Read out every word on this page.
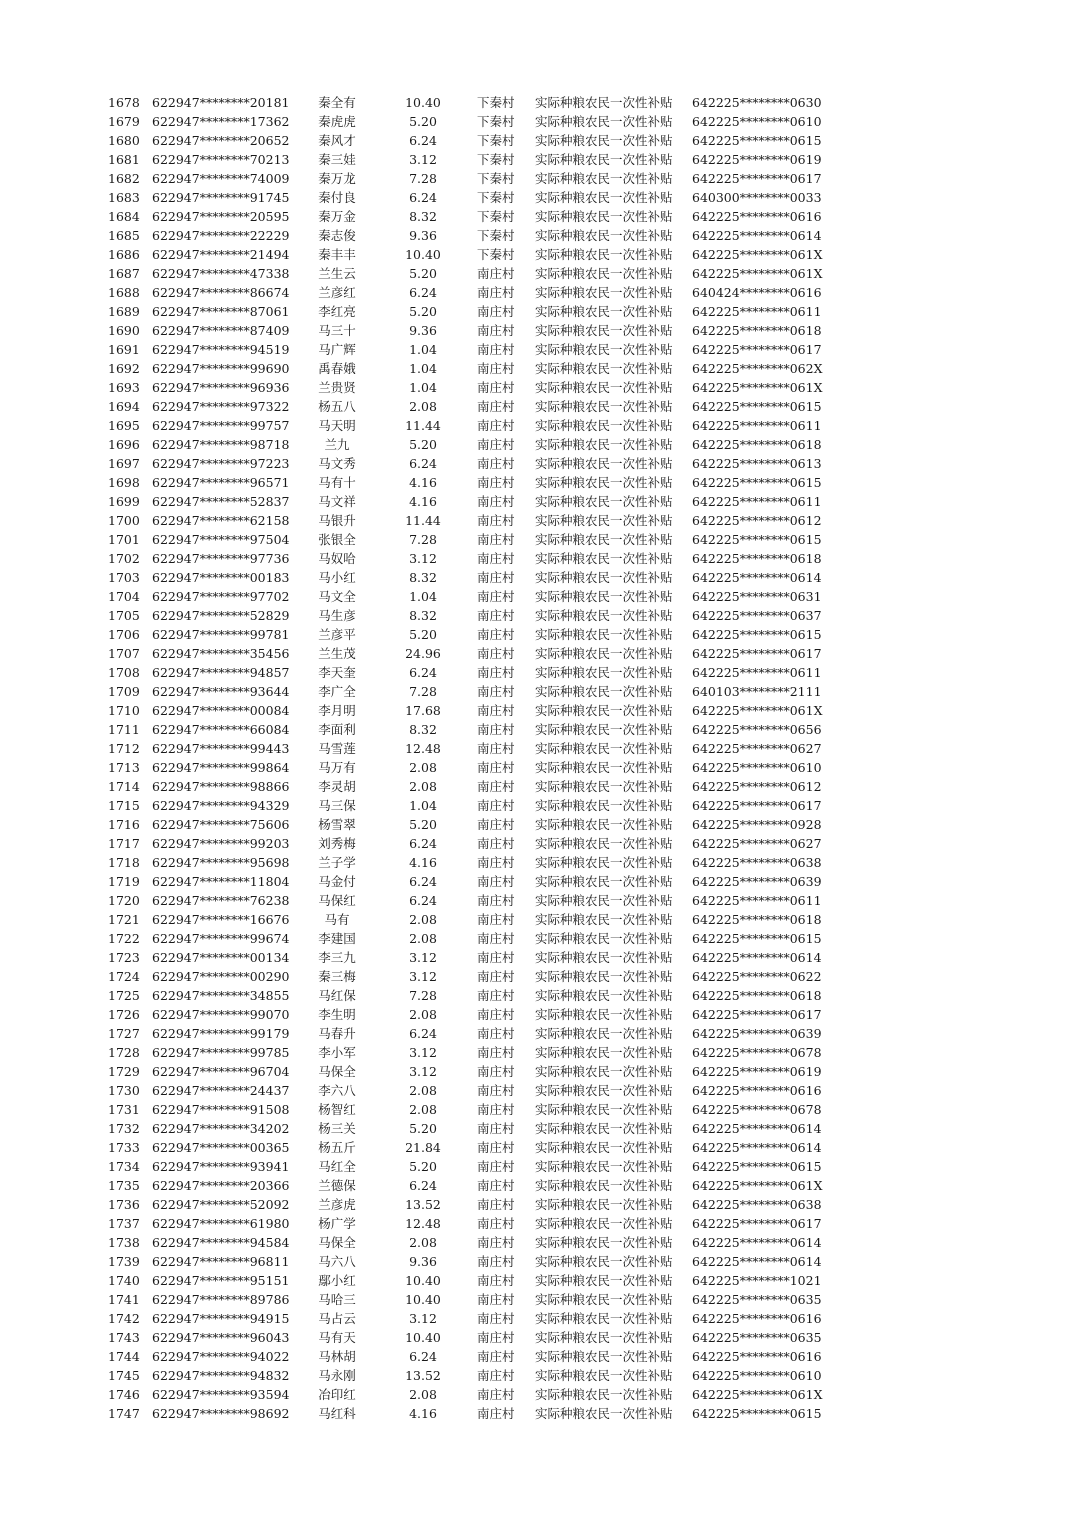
1678 622947********20181	秦全有	10.40	下秦村 实际种粮农民一次性补贴 642225********0630
1679 622947********17362	秦虎虎	5.20	下秦村 实际种粮农民一次性补贴 642225********0610
1680 622947********20652	秦风才	6.24	下秦村 实际种粮农民一次性补贴 642225********0615
1681 622947********70213	秦三娃	3.12	下秦村 实际种粮农民一次性补贴 642225********0619
1682 622947********74009	秦万龙	7.28	下秦村 实际种粮农民一次性补贴 642225********0617
1683 622947********91745	秦付良	6.24	下秦村 实际种粮农民一次性补贴 640300********0033
1684 622947********20595	秦万金	8.32	下秦村 实际种粮农民一次性补贴 642225********0616
1685 622947********22229	秦志俊	9.36	下秦村 实际种粮农民一次性补贴 642225********0614
1686 622947********21494	秦丰丰	10.40	下秦村 实际种粮农民一次性补贴 642225********061X
1687 622947********47338	兰生云	5.20	南庄村 实际种粮农民一次性补贴 642225********061X
1688 622947********86674	兰彦红	6.24	南庄村 实际种粮农民一次性补贴 640424********0616
1689 622947********87061	李红亮	5.20	南庄村 实际种粮农民一次性补贴 642225********0611
1690 622947********87409	马三十	9.36	南庄村 实际种粮农民一次性补贴 642225********0618
1691 622947********94519	马广辉	1.04	南庄村 实际种粮农民一次性补贴 642225********0617
1692 622947********99690	禹春娥	1.04	南庄村 实际种粮农民一次性补贴 642225********062X
1693 622947********96936	兰贵贤	1.04	南庄村 实际种粮农民一次性补贴 642225********061X
1694 622947********97322	杨五八	2.08	南庄村 实际种粮农民一次性补贴 642225********0615
1695 622947********99757	马天明	11.44	南庄村 实际种粮农民一次性补贴 642225********0611
1696 622947********98718	兰九	5.20	南庄村 实际种粮农民一次性补贴 642225********0618
1697 622947********97223	马文秀	6.24	南庄村 实际种粮农民一次性补贴 642225********0613
1698 622947********96571	马有十	4.16	南庄村 实际种粮农民一次性补贴 642225********0615
1699 622947********52837	马文祥	4.16	南庄村 实际种粮农民一次性补贴 642225********0611
1700 622947********62158	马银升	11.44	南庄村 实际种粮农民一次性补贴 642225********0612
1701 622947********97504	张银全	7.28	南庄村 实际种粮农民一次性补贴 642225********0615
1702 622947********97736	马奴哈	3.12	南庄村 实际种粮农民一次性补贴 642225********0618
1703 622947********00183	马小红	8.32	南庄村 实际种粮农民一次性补贴 642225********0614
1704 622947********97702	马文全	1.04	南庄村 实际种粮农民一次性补贴 642225********0631
1705 622947********52829	马生彦	8.32	南庄村 实际种粮农民一次性补贴 642225********0637
1706 622947********99781	兰彦平	5.20	南庄村 实际种粮农民一次性补贴 642225********0615
1707 622947********35456	兰生茂	24.96	南庄村 实际种粮农民一次性补贴 642225********0617
1708 622947********94857	李天奎	6.24	南庄村 实际种粮农民一次性补贴 642225********0611
1709 622947********93644	李广全	7.28	南庄村 实际种粮农民一次性补贴 640103********2111
1710 622947********00084	李月明	17.68	南庄村 实际种粮农民一次性补贴 642225********061X
1711 622947********66084	李面利	8.32	南庄村 实际种粮农民一次性补贴 642225********0656
1712 622947********99443	马雪莲	12.48	南庄村 实际种粮农民一次性补贴 642225********0627
1713 622947********99864	马万有	2.08	南庄村 实际种粮农民一次性补贴 642225********0610
1714 622947********98866	李灵胡	2.08	南庄村 实际种粮农民一次性补贴 642225********0612
1715 622947********94329	马三保	1.04	南庄村 实际种粮农民一次性补贴 642225********0617
1716 622947********75606	杨雪翠	5.20	南庄村 实际种粮农民一次性补贴 642225********0928
1717 622947********99203	刘秀梅	6.24	南庄村 实际种粮农民一次性补贴 642225********0627
1718 622947********95698	兰子学	4.16	南庄村 实际种粮农民一次性补贴 642225********0638
1719 622947********11804	马金付	6.24	南庄村 实际种粮农民一次性补贴 642225********0639
1720 622947********76238	马保红	6.24	南庄村 实际种粮农民一次性补贴 642225********0611
1721 622947********16676	马有	2.08	南庄村 实际种粮农民一次性补贴 642225********0618
1722 622947********99674	李建国	2.08	南庄村 实际种粮农民一次性补贴 642225********0615
1723 622947********00134	李三九	3.12	南庄村 实际种粮农民一次性补贴 642225********0614
1724 622947********00290	秦三梅	3.12	南庄村 实际种粮农民一次性补贴 642225********0622
1725 622947********34855	马红保	7.28	南庄村 实际种粮农民一次性补贴 642225********0618
1726 622947********99070	李生明	2.08	南庄村 实际种粮农民一次性补贴 642225********0617
1727 622947********99179	马春升	6.24	南庄村 实际种粮农民一次性补贴 642225********0639
1728 622947********99785	李小军	3.12	南庄村 实际种粮农民一次性补贴 642225********0678
1729 622947********96704	马保全	3.12	南庄村 实际种粮农民一次性补贴 642225********0619
1730 622947********24437	李六八	2.08	南庄村 实际种粮农民一次性补贴 642225********0616
1731 622947********91508	杨智红	2.08	南庄村 实际种粮农民一次性补贴 642225********0678
1732 622947********34202	杨三关	5.20	南庄村 实际种粮农民一次性补贴 642225********0614
1733 622947********00365	杨五斤	21.84	南庄村 实际种粮农民一次性补贴 642225********0614
1734 622947********93941	马红全	5.20	南庄村 实际种粮农民一次性补贴 642225********0615
1735 622947********20366	兰德保	6.24	南庄村 实际种粮农民一次性补贴 642225********061X
1736 622947********52092	兰彦虎	13.52	南庄村 实际种粮农民一次性补贴 642225********0638
1737 622947********61980	杨广学	12.48	南庄村 实际种粮农民一次性补贴 642225********0617
1738 622947********94584	马保全	2.08	南庄村 实际种粮农民一次性补贴 642225********0614
1739 622947********96811	马六八	9.36	南庄村 实际种粮农民一次性补贴 642225********0614
1740 622947********95151	鄢小红	10.40	南庄村 实际种粮农民一次性补贴 642225********1021
1741 622947********89786	马哈三	10.40	南庄村 实际种粮农民一次性补贴 642225********0635
1742 622947********94915	马占云	3.12	南庄村 实际种粮农民一次性补贴 642225********0616
1743 622947********96043	马有天	10.40	南庄村 实际种粮农民一次性补贴 642225********0635
1744 622947********94022	马林胡	6.24	南庄村 实际种粮农民一次性补贴 642225********0616
1745 622947********94832	马永刚	13.52	南庄村 实际种粮农民一次性补贴 642225********0610
1746 622947********93594	冶印红	2.08	南庄村 实际种粮农民一次性补贴 642225********061X
1747 622947********98692	马红科	4.16	南庄村 实际种粮农民一次性补贴 642225********0615
